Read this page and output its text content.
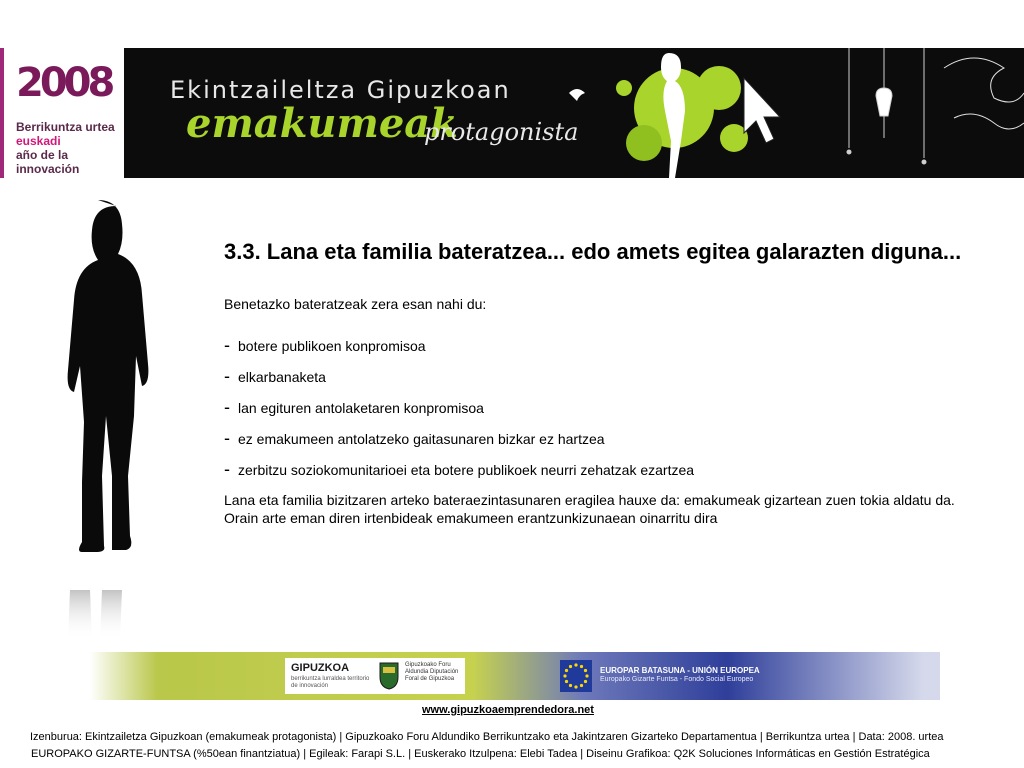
2008
Berrikuntza urtea
euskadi
año de la innovación
Ekintzaileltza Gipuzkoan
emakumeak
protagonista
3.3. Lana eta familia bateratzea... edo amets egitea galarazten diguna...

Benetazko bateratzeak zera esan nahi du:

- botere publikoen konpromisoa
- elkarbanaketa
- lan egituren antolaketaren konpromisoa
- ez emakumeen antolatzeko gaitasunaren bizkar ez hartzea
- zerbitzu soziokomunitarioei eta botere publikoek neurri zehatzak ezartzea

Lana eta familia bizitzaren arteko bateraezintasunaren eragilea hauxe da: emakumeak gizartean zuen tokia aldatu da.

Orain arte eman diren irtenbideak emakumeen erantzunkizunaean oinarritu dira

GIPUZKOA
berrikuntza lurraldea territorio de innovación
Gipuzkoako Foru Aldundia Diputación Foral de Gipuzkoa
EUROPAR BATASUNA - UNIÓN EUROPEA
Europako Gizarte Funtsa - Fondo Social Europeo
www.gipuzkoaemprendedora.net
Izenburua: Ekintzailetza Gipuzkoan (emakumeak protagonista) | Gipuzkoako Foru Aldundiko Berrikuntzako eta Jakintzaren Gizarteko Departamentua | Berrikuntza urtea | Data: 2008. urtea
EUROPAKO GIZARTE-FUNTSA (%50ean finantziatua) | Egileak: Farapi S.L. | Euskerako Itzulpena: Elebi Tadea | Diseinu Grafikoa: Q2K Soluciones Informáticas en Gestión Estratégica
